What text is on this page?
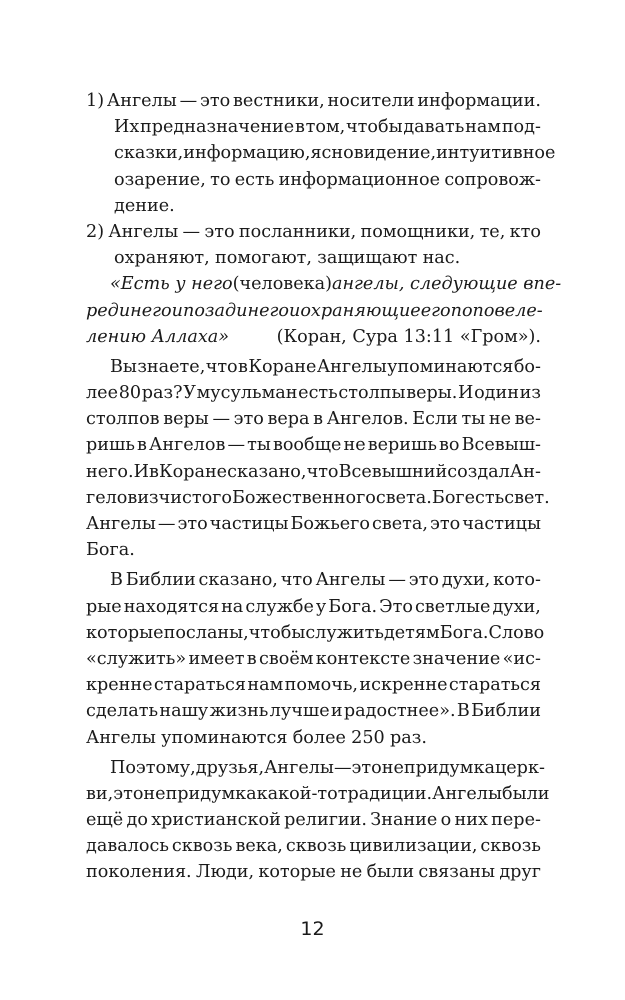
1) Ангелы — это вестники, носители информации.
Их предназначение в том, чтобы давать нам под-
сказки, информацию, ясновидение, интуитивное
озарение, то есть информационное сопровож-
дение.
2) Ангелы — это посланники, помощники, те, кто
охраняют, помогают, защищают нас.
«Есть у него (человека) ангелы, следующие впе-
реди него и позади него и охраняющие его по повеле-
лению Аллаха»	(Коран, Сура 13:11 «Гром»).
Вы знаете, что в Коране Ангелы упоминаются бо-
лее 80 раз? У мусульман есть столпы веры. И один из
столпов веры — это вера в Ангелов. Если ты не ве-
ришь в Ангелов — ты вообще не веришь во Всевыш-
него. И в Коране сказано, что Всевышний создал Ан-
гелов из чистого Божественного света. Бог есть свет.
Ангелы — это частицы Божьего света, это частицы
Бога.
В Библии сказано, что Ангелы — это духи, кото-
рые находятся на службе у Бога. Это светлые духи,
которые посланы, чтобы служить детям Бога. Слово
«служить» имеет в своём контексте значение «ис-
кренне стараться нам помочь, искренне стараться
сделать нашу жизнь лучше и радостнее». В Библии
Ангелы упоминаются более 250 раз.
Поэтому, друзья, Ангелы — это не придумка церк-
ви, это не придумка какой-то традиции. Ангелы были
ещё до христианской религии. Знание о них пере-
давалось сквозь века, сквозь цивилизации, сквозь
поколения. Люди, которые не были связаны друг
12
